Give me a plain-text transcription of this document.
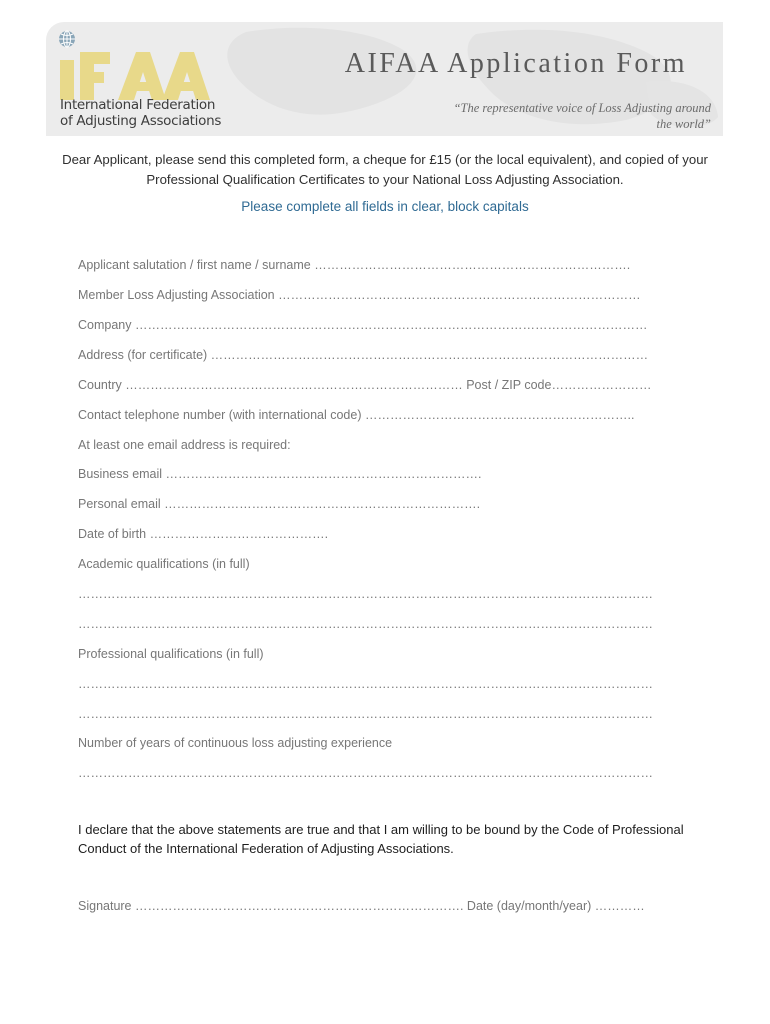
International Federation
of Adjusting Associations
AIFAA Application Form
“The representative voice of Loss Adjusting around the world”
Dear Applicant, please send this completed form, a cheque for £15 (or the local equivalent), and copied of your Professional Qualification Certificates to your National Loss Adjusting Association.
Please complete all fields in clear, block capitals
Applicant salutation / first name / surname ………………………………………………………………….
Member Loss Adjusting Association ……………………………………………………………………………
Company ……………………………………………………………………………………………………………
Address (for certificate) ……………………………………………………………………………………………
Country ……………………………………………………………………… Post / ZIP code……………………
Contact telephone number (with international code) ………………………………………………………..
At least one email address is required:
Business email ………………………………………………………………….
Personal email ………………………………………………………………….
Date of birth …………………………………….
Academic qualifications (in full)
…………………………………………………………………………………………………………………………
…………………………………………………………………………………………………………………………
Professional qualifications (in full)
…………………………………………………………………………………………………………………………
…………………………………………………………………………………………………………………………
Number of years of continuous loss adjusting experience
…………………………………………………………………………………………………………………………
I declare that the above statements are true and that I am willing to be bound by the Code of Professional Conduct of the International Federation of Adjusting Associations.
Signature ……………………………………………………………………. Date (day/month/year) …………
